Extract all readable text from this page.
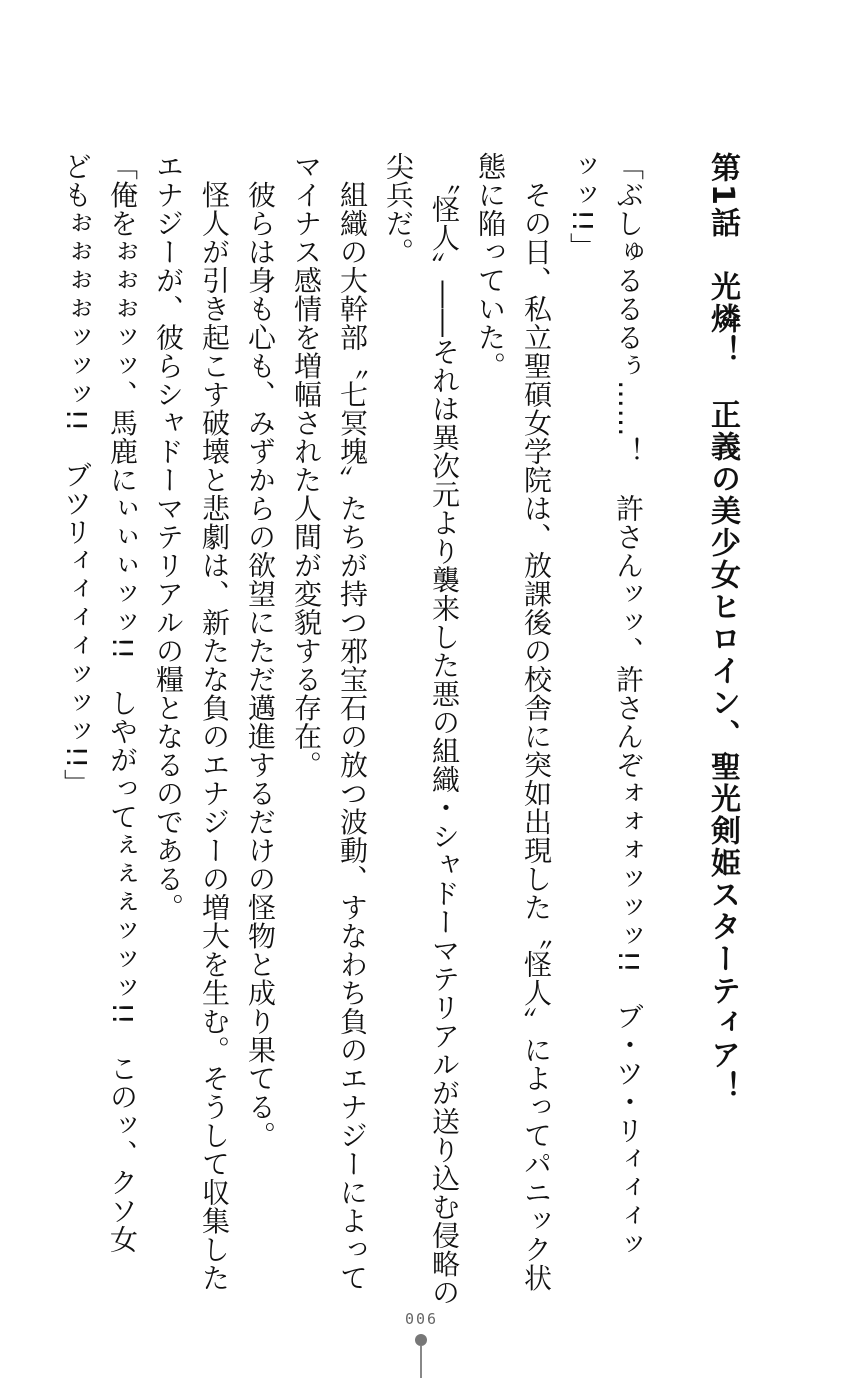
第1話　光燐！　正義の美少女ヒロイン、聖光剣姫スターティア！
「ぶしゅるるるぅ……！　許さんッッ、許さんぞォォォッッッ!!　ブ・ツ・リィィィッ
ッッ!!」
　その日、私立聖碩女学院は、放課後の校舎に突如出現した〝怪人〟によってパニック状
態に陥っていた。
　〝怪人〟――それは異次元より襲来した悪の組織・シャドーマテリアルが送り込む侵略の
尖兵だ。
　組織の大幹部〝七冥塊〟たちが持つ邪宝石の放つ波動、すなわち負のエナジーによって
マイナス感情を増幅された人間が変貌する存在。
　彼らは身も心も、みずからの欲望にただ邁進するだけの怪物と成り果てる。
　怪人が引き起こす破壊と悲劇は、新たな負のエナジーの増大を生む。そうして収集した
エナジーが、彼らシャドーマテリアルの糧となるのである。
「俺をぉぉぉッッ、馬鹿にぃぃぃッッ!!　しやがってぇぇぇッッッ!!　このッ、クソ女
どもぉぉぉぉッッッ!!　ブツリィィィィッッッ!!」
006
